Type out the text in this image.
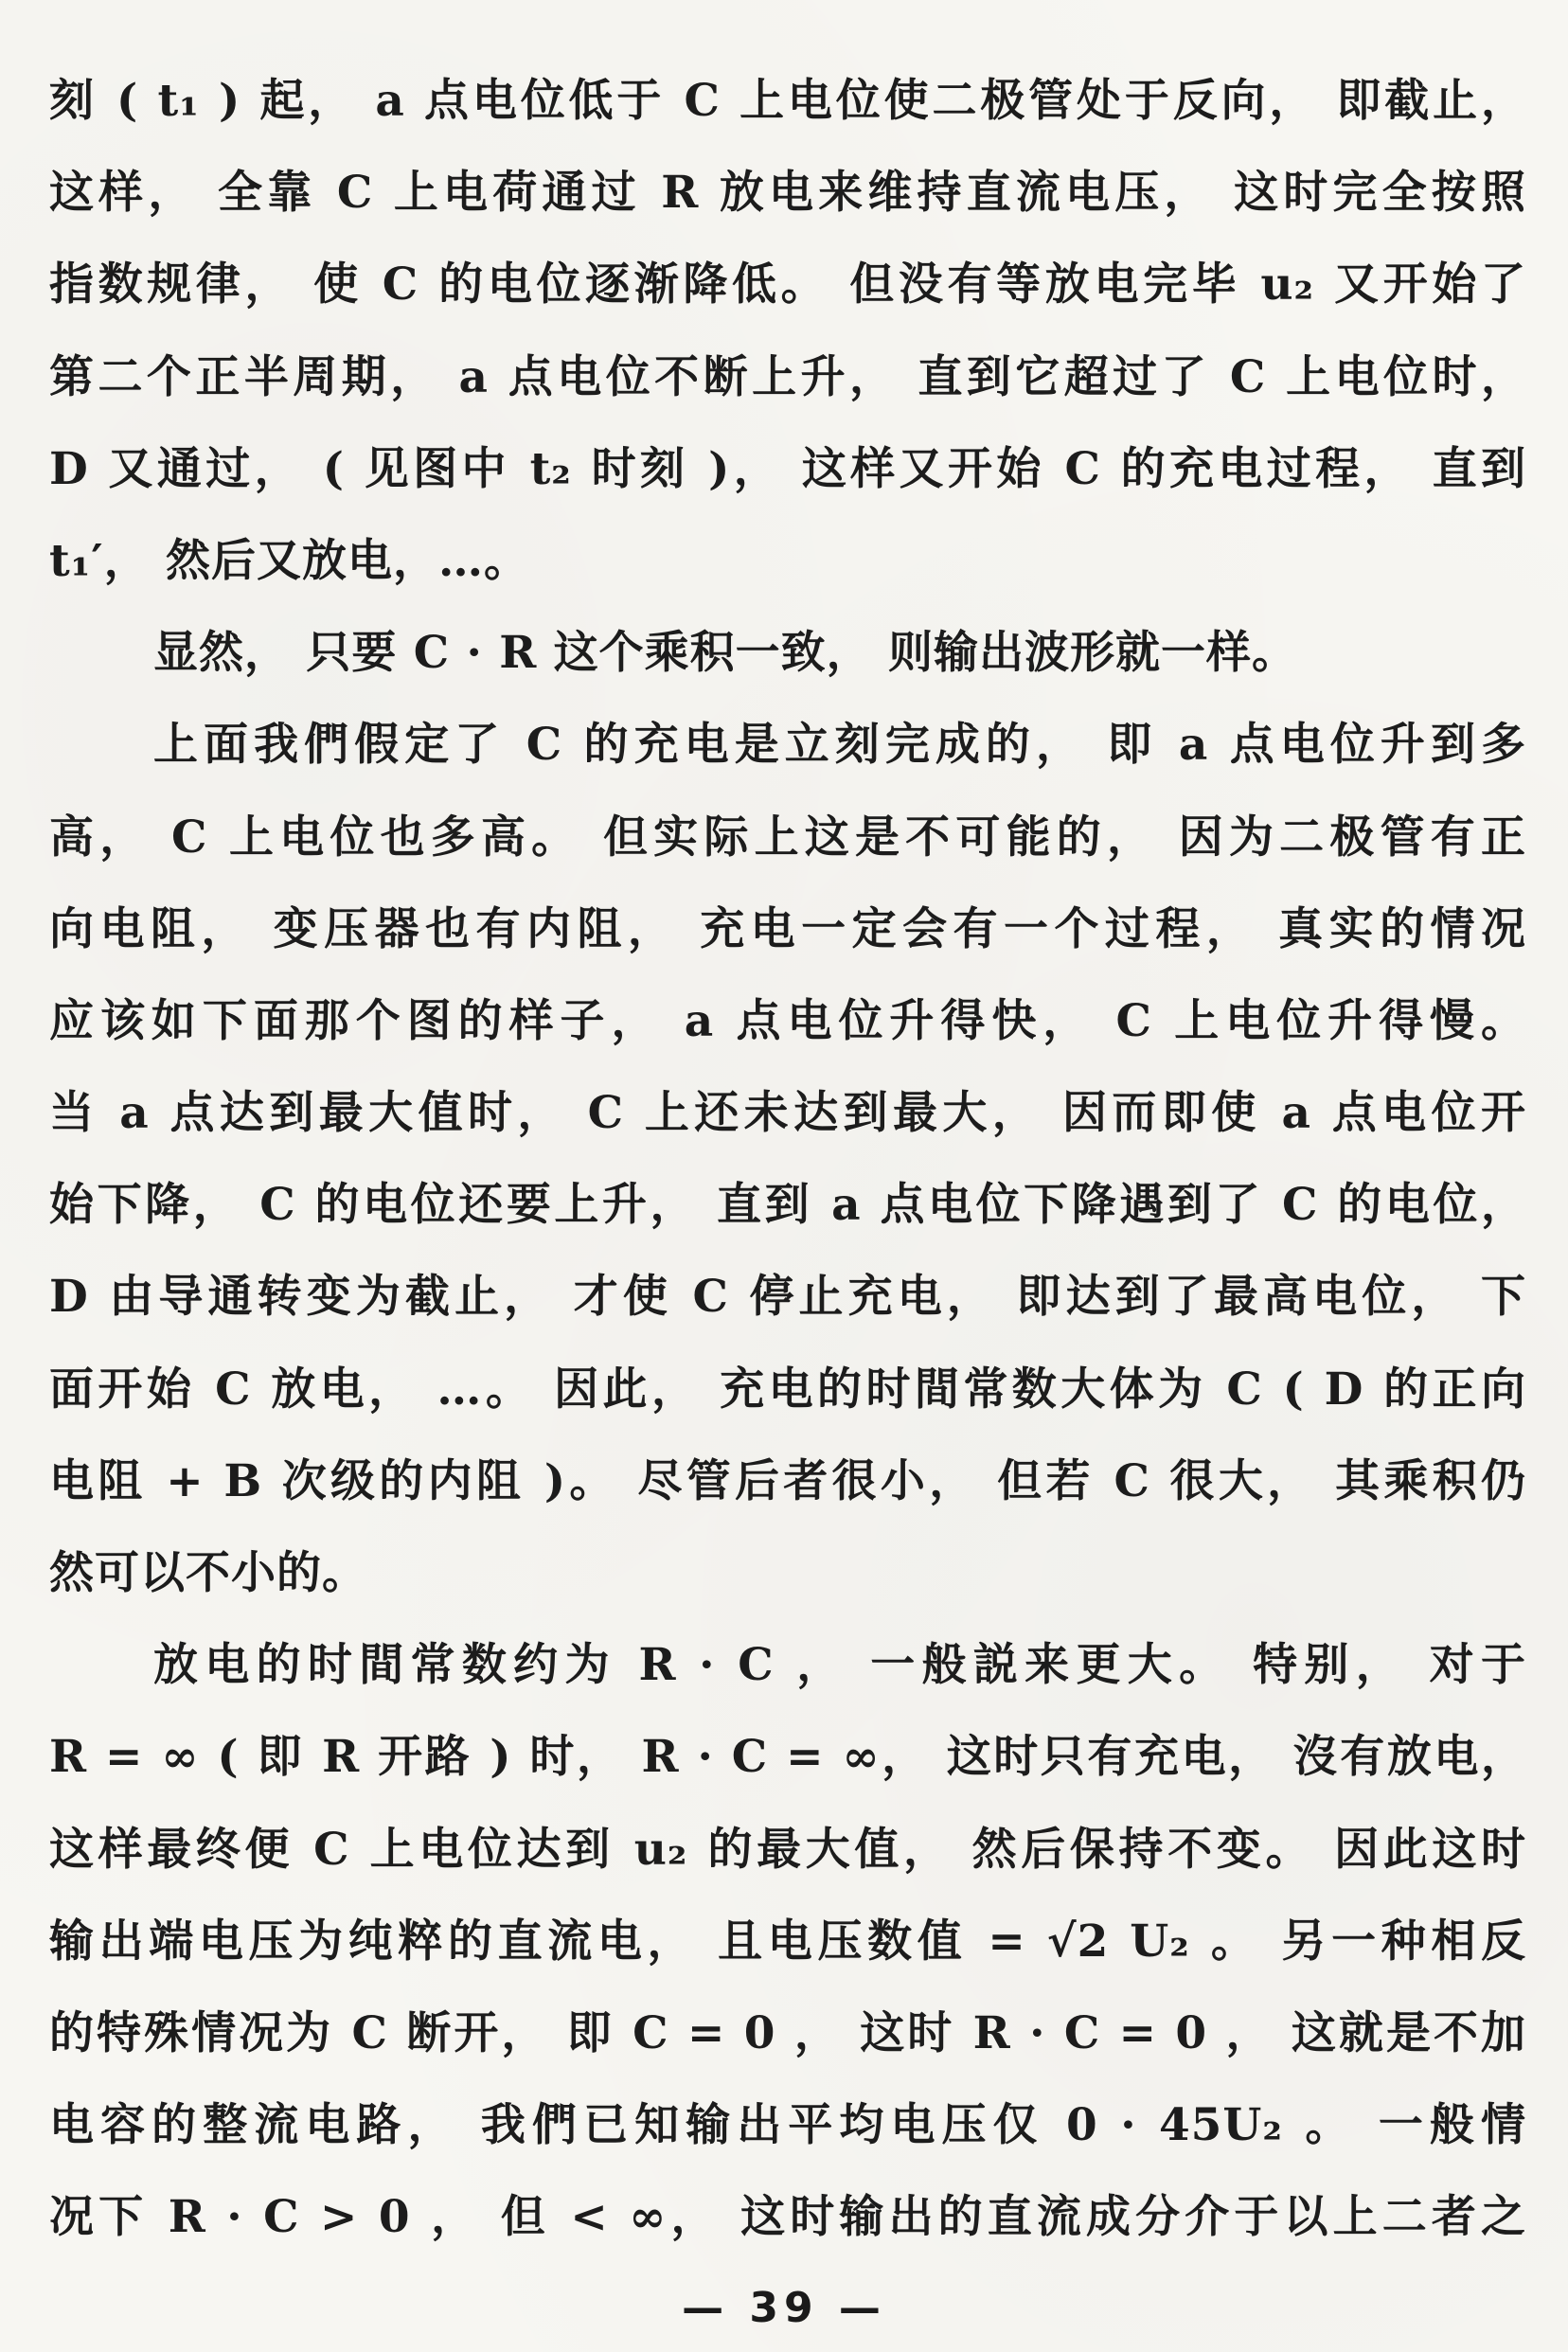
刻 ( t₁ ) 起， a 点电位低于 C 上电位使二极管处于反向， 即截止，
这样， 全靠 C 上电荷通过 R 放电来维持直流电压， 这时完全按照
指数规律， 使 C 的电位逐渐降低。 但没有等放电完毕 u₂ 又开始了
第二个正半周期， a 点电位不断上升， 直到它超过了 C 上电位时，
D 又通过， ( 见图中 t₂ 时刻 )， 这样又开始 C 的充电过程， 直到
t₁′， 然后又放电，…。
显然， 只要 C · R 这个乘积一致， 则输出波形就一样。
上面我們假定了 C 的充电是立刻完成的， 即 a 点电位升到多
高， C 上电位也多高。 但实际上这是不可能的， 因为二极管有正
向电阻， 变压器也有内阻， 充电一定会有一个过程， 真实的情况
应该如下面那个图的样子， a 点电位升得快， C 上电位升得慢。
当 a 点达到最大值时， C 上还未达到最大， 因而即使 a 点电位开
始下降， C 的电位还要上升， 直到 a 点电位下降遇到了 C 的电位，
D 由导通转变为截止， 才使 C 停止充电， 即达到了最高电位， 下
面开始 C 放电， …。 因此， 充电的时間常数大体为 C ( D 的正向
电阻 + B 次级的内阻 )。 尽管后者很小， 但若 C 很大， 其乘积仍
然可以不小的。
放电的时間常数约为 R · C ， 一般説来更大。 特别， 对于
R = ∞ ( 即 R 开路 ) 时， R · C = ∞， 这时只有充电， 沒有放电，
这样最终便 C 上电位达到 u₂ 的最大值， 然后保持不变。 因此这时
输出端电压为纯粹的直流电， 且电压数值 = √2 U₂ 。 另一种相反
的特殊情况为 C 断开， 即 C = 0 ， 这时 R · C = 0 ， 这就是不加
电容的整流电路， 我們已知输出平均电压仅 0 · 45U₂ 。 一般情
况下 R · C > 0 ， 但 < ∞， 这时输出的直流成分介于以上二者之
— 39 —
